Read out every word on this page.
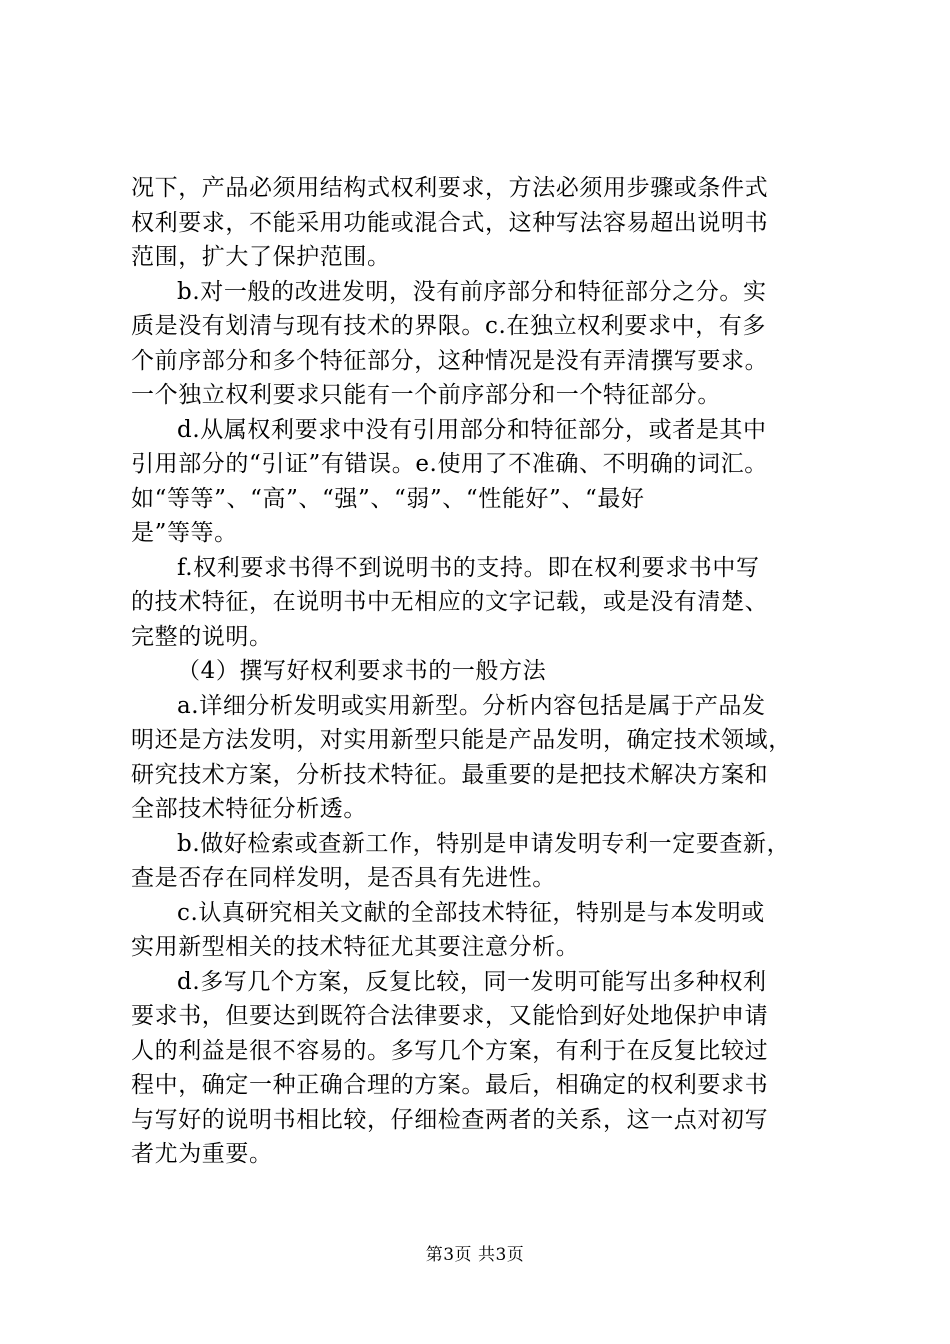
况下，产品必须用结构式权利要求，方法必须用步骤或条件式
权利要求，不能采用功能或混合式，这种写法容易超出说明书
范围，扩大了保护范围。
b.对一般的改进发明，没有前序部分和特征部分之分。实
质是没有划清与现有技术的界限。c.在独立权利要求中，有多
个前序部分和多个特征部分，这种情况是没有弄清撰写要求。
一个独立权利要求只能有一个前序部分和一个特征部分。
d.从属权利要求中没有引用部分和特征部分，或者是其中
引用部分的“引证”有错误。e.使用了不准确、不明确的词汇。
如“等等”、“高”、“强”、“弱”、“性能好”、“最好
是”等等。
f.权利要求书得不到说明书的支持。即在权利要求书中写
的技术特征，在说明书中无相应的文字记载，或是没有清楚、
完整的说明。
（4）撰写好权利要求书的一般方法
a.详细分析发明或实用新型。分析内容包括是属于产品发
明还是方法发明，对实用新型只能是产品发明，确定技术领域，
研究技术方案，分析技术特征。最重要的是把技术解决方案和
全部技术特征分析透。
b.做好检索或查新工作，特别是申请发明专利一定要查新，
查是否存在同样发明，是否具有先进性。
c.认真研究相关文献的全部技术特征，特别是与本发明或
实用新型相关的技术特征尤其要注意分析。
d.多写几个方案，反复比较，同一发明可能写出多种权利
要求书，但要达到既符合法律要求，又能恰到好处地保护申请
人的利益是很不容易的。多写几个方案，有利于在反复比较过
程中，确定一种正确合理的方案。最后，相确定的权利要求书
与写好的说明书相比较，仔细检查两者的关系，这一点对初写
者尤为重要。
第3页 共3页
